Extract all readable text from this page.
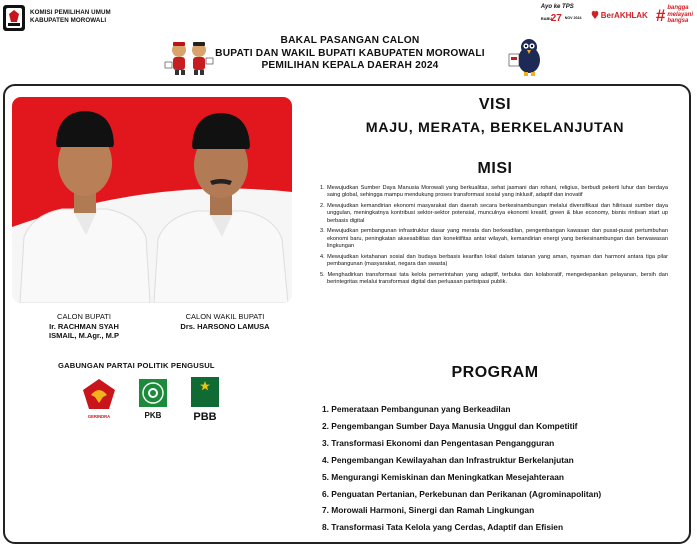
KOMISI PEMILIHAN UMUM
KABUPATEN MOROWALI
Ayo ke TPS
RABU
27 NOV 2024 BerAKHLAK # bangga
melayani
bangsa
BAKAL PASANGAN CALON
BUPATI DAN WAKIL BUPATI KABUPATEN MOROWALI
PEMILIHAN KEPALA DAERAH 2024
CALON BUPATI
Ir. RACHMAN SYAH
ISMAIL, M.Agr., M.P
CALON WAKIL BUPATI
Drs. HARSONO LAMUSA
GABUNGAN PARTAI POLITIK PENGUSUL
GERINDRA	PKB	PBB
VISI
MAJU, MERATA, BERKELANJUTAN
MISI
1. Mewujudkan Sumber Daya Manusia Morowali yang berkualitas, sehat jasmani dan rohani, religius, berbudi pekerti luhur dan berdaya saing global, sehingga mampu mendukung proses transformasi sosial yang inklusif, adaptif dan inovatif
2. Mewujudkan kemandirian ekonomi masyarakat dan daerah secara berkesinambungan melalui diversifikasi dan hilirisasi sumber daya unggulan, meningkatnya kontribusi sektor-sektor potensial, munculnya ekonomi kreatif, green & blue economy, bisnis rintisan start up berbasis digital
3. Mewujudkan pembangunan infrastruktur dasar yang merata dan berkeadilan, pengembangan kawasan dan pusat-pusat pertumbuhan ekonomi baru, peningkatan aksesabilitas dan konektifitas antar wilayah, kemandirian energi yang berkesinambungan dan berwawasan lingkungan
4. Mewujudkan ketahanan sosial dan budaya berbasis kearifan lokal dalam tatanan yang aman, nyaman dan harmoni antara tiga pilar pembangunan (masyarakat, negara dan swasta)
5. Menghadirkan transformasi tata kelola pemerintahan yang adaptif, terbuka dan kolaboratif, mengedepankan pelayanan, bersih dan berintegritas melalui transformasi digital dan perluasan partisipasi publik.
PROGRAM
1. Pemerataan Pembangunan yang Berkeadilan
2. Pengembangan Sumber Daya Manusia Unggul dan Kompetitif
3. Transformasi Ekonomi dan Pengentasan Pengangguran
4. Pengembangan Kewilayahan dan Infrastruktur Berkelanjutan
5. Mengurangi Kemiskinan dan Meningkatkan Mesejahteraan
6. Penguatan Pertanian, Perkebunan dan Perikanan (Agrominapolitan)
7. Morowali Harmoni, Sinergi dan Ramah Lingkungan
8. Transformasi Tata Kelola yang Cerdas, Adaptif dan Efisien
